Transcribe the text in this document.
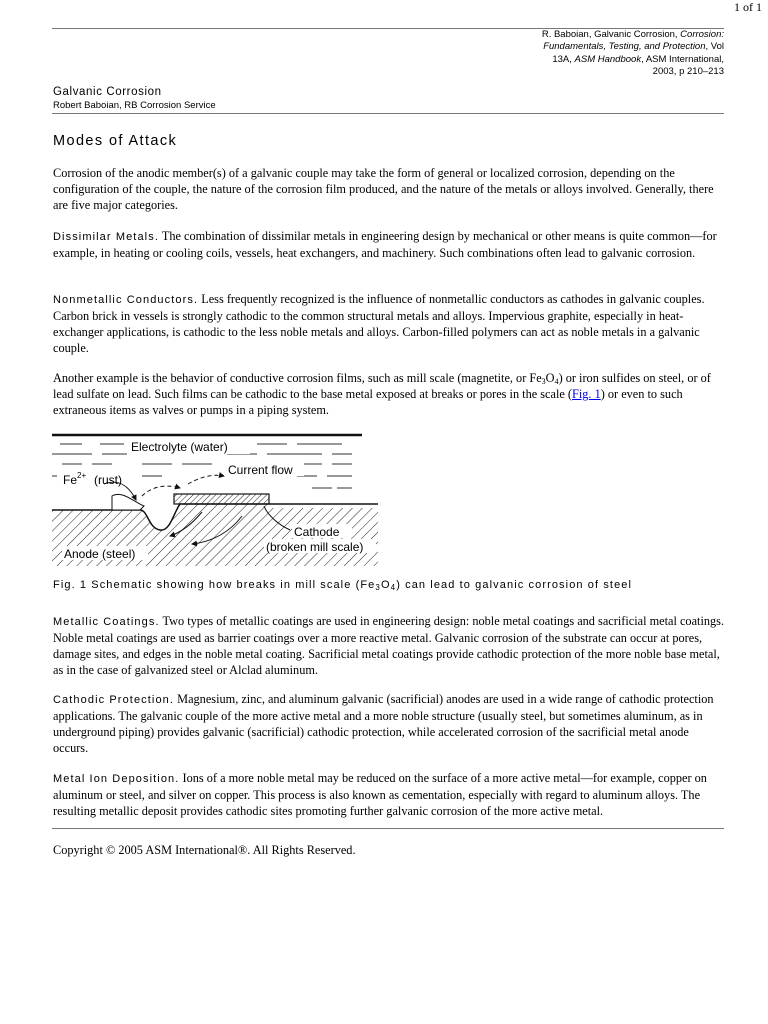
1 of 1
R. Baboian, Galvanic Corrosion, Corrosion:
Fundamentals, Testing, and Protection, Vol
13A, ASM Handbook, ASM International,
2003, p 210–213
Galvanic Corrosion
Robert Baboian, RB Corrosion Service
Modes of Attack

Corrosion of the anodic member(s) of a galvanic couple may take the form of general or localized corrosion, depending on the configuration of the couple, the nature of the corrosion film produced, and the nature of the metals or alloys involved. Generally, there are five major categories.

Dissimilar Metals. The combination of dissimilar metals in engineering design by mechanical or other means is quite common—for example, in heating or cooling coils, vessels, heat exchangers, and machinery. Such combinations often lead to galvanic corrosion.

Nonmetallic Conductors. Less frequently recognized is the influence of nonmetallic conductors as cathodes in galvanic couples. Carbon brick in vessels is strongly cathodic to the common structural metals and alloys. Impervious graphite, especially in heat-exchanger applications, is cathodic to the less noble metals and alloys. Carbon-filled polymers can act as noble metals in a galvanic couple.

Another example is the behavior of conductive corrosion films, such as mill scale (magnetite, or $Fe_3O_4$) or iron sulfides on steel, or of lead sulfate on lead. Such films can be cathodic to the base metal exposed at breaks or pores in the scale (Fig. 1) or even to such extraneous items as valves or pumps in a piping system.

Electrolyte (water)
Current flow
Fe 2+ (rust)
Cathode
(broken mill scale)
Anode (steel)
Fig. 1 Schematic showing how breaks in mill scale $(Fe_3O_4)$ can lead to galvanic corrosion of steel

Metallic Coatings. Two types of metallic coatings are used in engineering design: noble metal coatings and sacrificial metal coatings. Noble metal coatings are used as barrier coatings over a more reactive metal. Galvanic corrosion of the substrate can occur at pores, damage sites, and edges in the noble metal coating. Sacrificial metal coatings provide cathodic protection of the more noble base metal, as in the case of galvanized steel or Alclad aluminum.

Cathodic Protection. Magnesium, zinc, and aluminum galvanic (sacrificial) anodes are used in a wide range of cathodic protection applications. The galvanic couple of the more active metal and a more noble structure (usually steel, but sometimes aluminum, as in underground piping) provides galvanic (sacrificial) cathodic protection, while accelerated corrosion of the sacrificial metal anode occurs.

Metal Ion Deposition. Ions of a more noble metal may be reduced on the surface of a more active metal—for example, copper on aluminum or steel, and silver on copper. This process is also known as cementation, especially with regard to aluminum alloys. The resulting metallic deposit provides cathodic sites promoting further galvanic corrosion of the more active metal.

Copyright © 2005 ASM International®. All Rights Reserved.
